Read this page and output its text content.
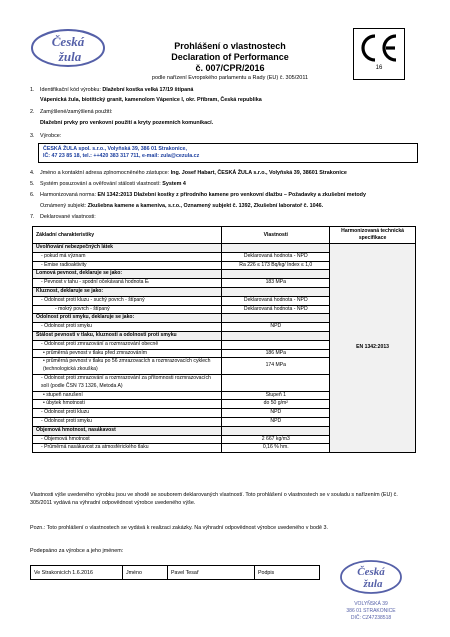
Česká
žula
Prohlášení o vlastnostech
Declaration of Performance
č. 007/CPR/2016
podle nařízení Evropského parlamentu a Rady (EU) č. 305/2011
16
1. Identifikační kód výrobku: Dlažební kostka velká 17/19 štípaná
Vápenická žula, biotitický granit, kamenolom Vápenice I, okr. Příbram, Česká republika
2. Zamýšlené/zamýšlená použití:
Dlažební prvky pro venkovní použití a kryty pozemních komunikací.
3. Výrobce:
ČESKÁ ŽULA spol. s.r.o., Volyňská 39, 386 01 Strakonice,
IČ: 47 23 85 18, tel.: ++420 383 317 711, e-mail: zula@cezula.cz
4. Jméno a kontaktní adresa zplnomocněného zástupce: Ing. Josef Habart, ČESKÁ ŽULA s.r.o., Volyňská 39, 38601 Strakonice
5. Systém posuzování a ověřování stálosti vlastností: System 4
6. Harmonizovaná norma: EN 1342:2013 Dlažební kostky z přírodního kamene pro venkovní dlažbu – Požadavky a zkušební metody
Oznámený subjekt: Zkušebna kamene a kameniva, s.r.o., Oznamený subjekt č. 1392, Zkušební laboratoř č. 1046.
7. Deklarované vlastnosti:
Základní charakteristiky	Vlastnosti	Harmonizovaná technická specifikace
Uvolňování nebezpečných látek		EN 1342:2013
- pokud má význam	Deklarovaná hodnota - NPD	
- Emise radioaktivity	Ra 226 ≤ 173 Bq/kg/ Index ≤ 1,0	
Lomová pevnost, deklaruje se jako:		
- Pevnost v tahu - spodní očekávaná hodnota Eₗ	183 MPa	
Kluznost, deklaruje se jako:		
- Odolnost proti kluzu - suchý povrch - štípaný	Deklarovaná hodnota - NPD	
- mokrý povrch - štípaný	Deklarovaná hodnota - NPD	
Odolnost proti smyku, deklaruje se jako:		
- Odolnost proti smyku	NPD	
Stálost pevnosti v tlaku, kluznosti a odolnosti proti smyku		
- Odolnost proti zmrazování a rozmrazování obecně		
• průměrná pevnost v tlaku před zmrazováním	186 MPa	
• průměrná pevnost v tlaku po 56 zmrazovacích a rozmrazovacích cyklech (technologická zkouška)	174 MPa	
- Odolnost proti zmrazování a rozmrazování za přítomnosti rozmrazovacích solí (podle ČSN 73 1326, Metoda A)		
• stupeň narušení	Stupeň 1	
• úbytek hmotnosti	do 50 g/m²	
- Odolnost proti kluzu	NPD	
- Odolnost proti smyku	NPD	
Objemová hmotnost, nasákavost		
- Objemová hmotnost	2 667 kg/m3	
- Průměrná nasákavost za atmosférického tlaku	0,16 % hm.	
Vlastnosti výše uvedeného výrobku jsou ve shodě se souborem deklarovaných vlastností. Toto prohlášení o vlastnostech se v souladu s nařízením (EU) č. 305/2011 vydává na výhradní odpovědnost výrobce uvedeného výše.
Pozn.: Toto prohlášení o vlastnostech se vydává k realizaci zakázky. Na výhradní odpovědnost výrobce uvedeného v bodě 3.
Podepsáno za výrobce a jeho jménem:
Ve Strakonicích 1.6.2016	Jméno	Pavel Tesař	Podpis	Česká
žula
VOLYŇSKÁ 39
386 01 STRAKONICE
DIČ: CZ47238518
